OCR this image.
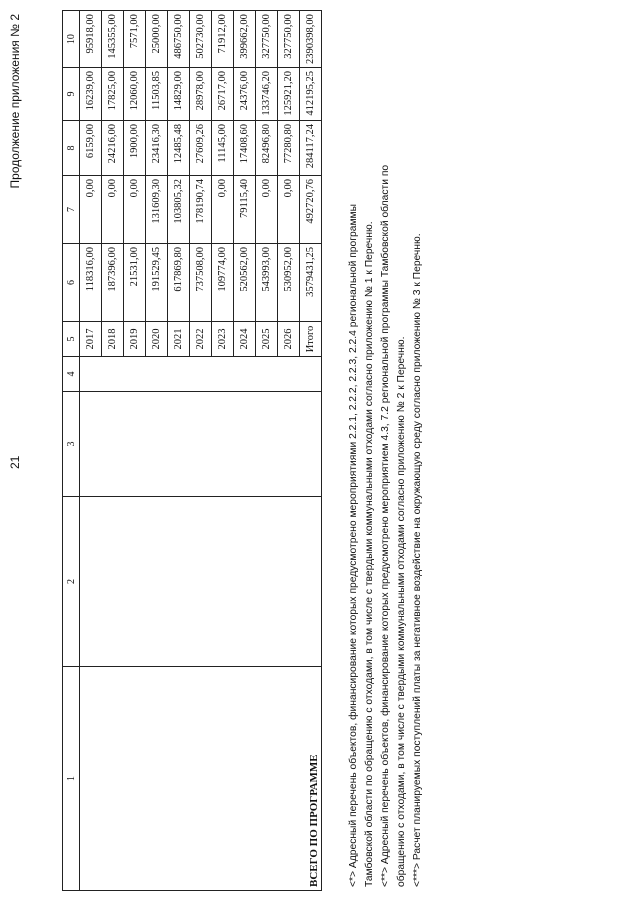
21
Продолжение приложения № 2
1	2	3	4	5	6	7	8	9	10
ВСЕГО ПО ПРОГРАММЕ				2017	118316,00	0,00	6159,00	16239,00	95918,00
				2018	187396,00	0,00	24216,00	17825,00	145355,00
				2019	21531,00	0,00	1900,00	12060,00	7571,00
				2020	191529,45	131609,30	23416,30	11503,85	25000,00
				2021	617869,80	103805,32	12485,48	14829,00	486750,00
				2022	737508,00	178190,74	27609,26	28978,00	502730,00
				2023	109774,00	0,00	11145,00	26717,00	71912,00
				2024	520562,00	79115,40	17408,60	24376,00	399662,00
				2025	543993,00	0,00	82496,80	133746,20	327750,00
				2026	530952,00	0,00	77280,80	125921,20	327750,00
				Итого	3579431,25	492720,76	284117,24	412195,25	2390398,00
<*> Адресный перечень объектов, финансирование которых предусмотрено мероприятиями 2.2.1, 2.2.2, 2.2.3, 2.2.4 региональной программы Тамбовской области по обращению с отходами, в том числе с твердыми коммунальными отходами согласно приложению № 1 к Перечню. <**> Адресный перечень объектов, финансирование которых предусмотрено мероприятием 4.3, 7.2 региональной программы Тамбовской области по обращению с отходами, в том числе с твердыми коммунальными отходами согласно приложению № 2 к Перечню. <***> Расчет планируемых поступлений платы за негативное воздействие на окружающую среду согласно приложению № 3 к Перечню.
